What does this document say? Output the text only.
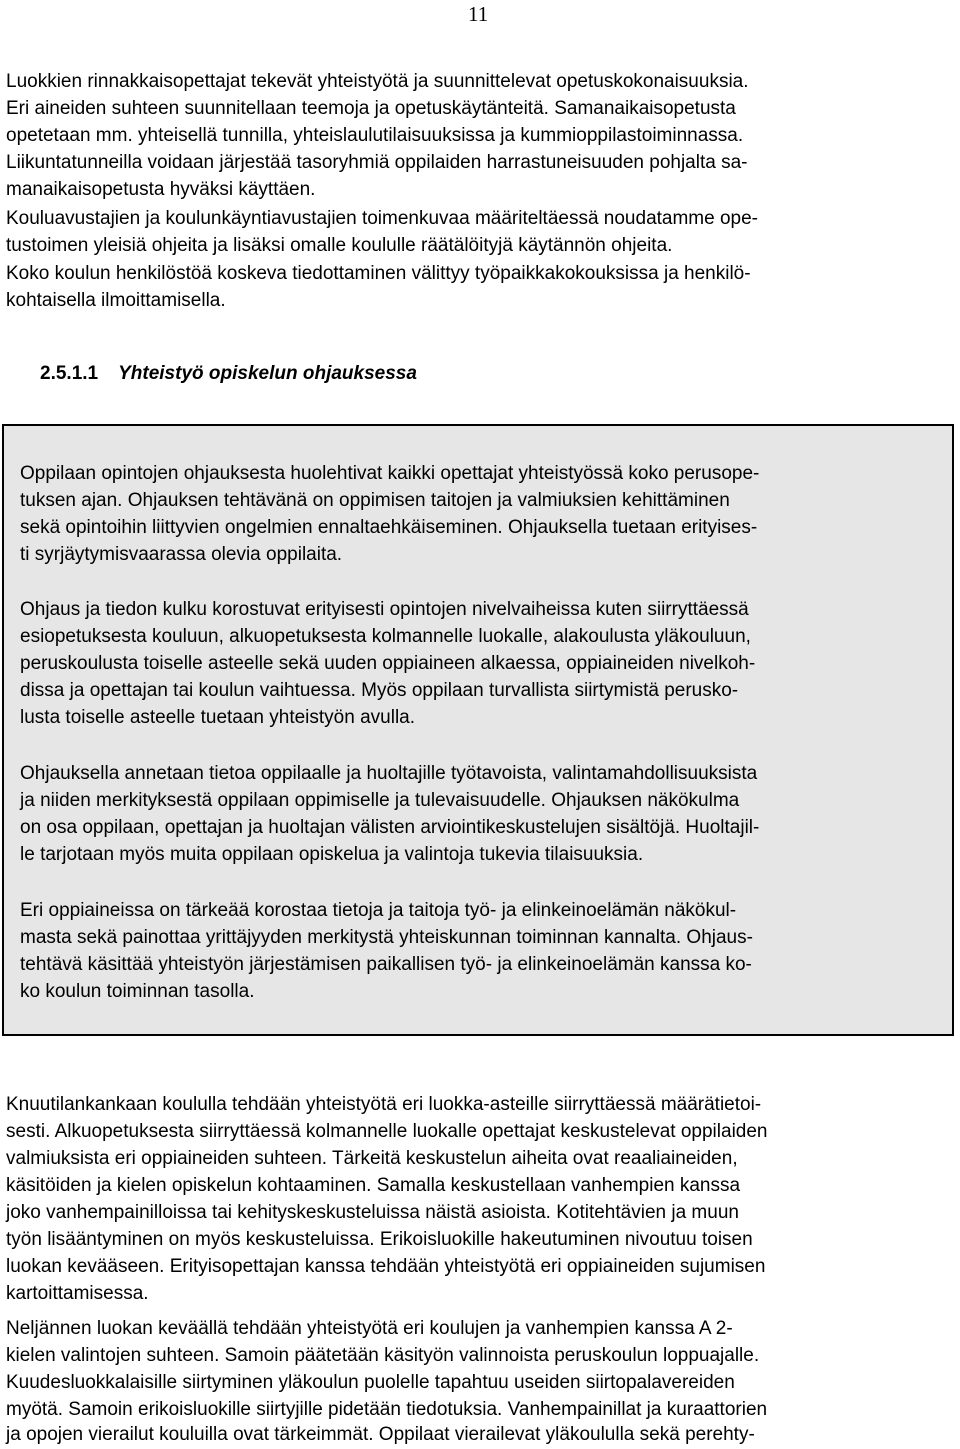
11
Luokkien rinnakkaisopettajat tekevät yhteistyötä ja suunnittelevat opetuskokonaisuuksia.
Eri aineiden suhteen suunnitellaan teemoja ja opetuskäytänteitä. Samanaikaisopetusta
opetetaan mm. yhteisellä tunnilla, yhteislaulutilaisuuksissa ja kummioppilastoiminnassa.
Liikuntatunneilla voidaan järjestää tasoryhmiä oppilaiden harrastuneisuuden pohjalta sa-
manaikaisopetusta hyväksi käyttäen.
Kouluavustajien ja koulunkäyntiavustajien toimenkuvaa määriteltäessä noudatamme ope-
tustoimen yleisiä ohjeita ja lisäksi omalle koululle räätälöityjä käytännön ohjeita.
Koko koulun henkilöstöä koskeva tiedottaminen välittyy työpaikkakokouksissa ja henkilö-
kohtaisella ilmoittamisella.
2.5.1.1 Yhteistyö opiskelun ohjauksessa
Oppilaan opintojen ohjauksesta huolehtivat kaikki opettajat yhteistyössä koko perusope-
tuksen ajan. Ohjauksen tehtävänä on oppimisen taitojen ja valmiuksien kehittäminen
sekä opintoihin liittyvien ongelmien ennaltaehkäiseminen. Ohjauksella tuetaan erityises-
ti syrjäytymisvaarassa olevia oppilaita.
Ohjaus ja tiedon kulku korostuvat erityisesti opintojen nivelvaiheissa kuten siirryttäessä
esiopetuksesta kouluun, alkuopetuksesta kolmannelle luokalle, alakoulusta yläkouluun,
peruskoulusta toiselle asteelle sekä uuden oppiaineen alkaessa, oppiaineiden nivelkoh-
dissa ja opettajan tai koulun vaihtuessa. Myös oppilaan turvallista siirtymistä perusko-
lusta toiselle asteelle tuetaan yhteistyön avulla.
Ohjauksella annetaan tietoa oppilaalle ja huoltajille työtavoista, valintamahdollisuuksista
ja niiden merkityksestä oppilaan oppimiselle ja tulevaisuudelle. Ohjauksen näkökulma
on osa oppilaan, opettajan ja huoltajan välisten arviointikeskustelujen sisältöjä. Huoltajil-
le tarjotaan myös muita oppilaan opiskelua ja valintoja tukevia tilaisuuksia.
Eri oppiaineissa on tärkeää korostaa tietoja ja taitoja työ- ja elinkeinoelämän näkökul-
masta sekä painottaa yrittäjyyden merkitystä yhteiskunnan toiminnan kannalta. Ohjaus-
tehtävä käsittää yhteistyön järjestämisen paikallisen työ- ja elinkeinoelämän kanssa ko-
ko koulun toiminnan tasolla.
Knuutilankankaan koululla tehdään yhteistyötä eri luokka-asteille siirryttäessä määrätietoi-
sesti. Alkuopetuksesta siirryttäessä kolmannelle luokalle opettajat keskustelevat oppilaiden
valmiuksista eri oppiaineiden suhteen. Tärkeitä keskustelun aiheita ovat reaaliaineiden,
käsitöiden ja kielen opiskelun kohtaaminen. Samalla keskustellaan vanhempien kanssa
joko vanhempainilloissa tai kehityskeskusteluissa näistä asioista. Kotitehtävien ja muun
työn lisääntyminen on myös keskusteluissa. Erikoisluokille hakeutuminen nivoutuu toisen
luokan kevääseen. Erityisopettajan kanssa tehdään yhteistyötä eri oppiaineiden sujumisen
kartoittamisessa.
Neljännen luokan keväällä tehdään yhteistyötä eri koulujen ja vanhempien kanssa A 2-
kielen valintojen suhteen. Samoin päätetään käsityön valinnoista peruskoulun loppuajalle.
Kuudesluokkalaisille siirtyminen yläkoulun puolelle tapahtuu useiden siirtopalavereiden
myötä. Samoin erikoisluokille siirtyjille pidetään tiedotuksia. Vanhempainillat ja kuraattorien
ja opojen vierailut kouluilla ovat tärkeimmät. Oppilaat vierailevat yläkoululla sekä perehty-
